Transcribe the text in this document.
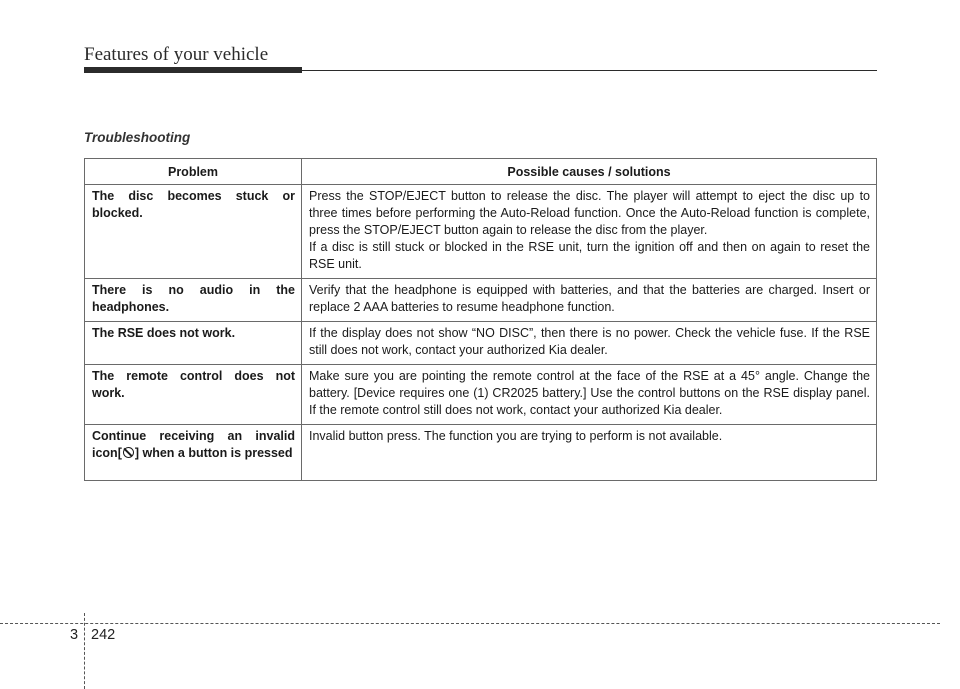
Features of your vehicle
Troubleshooting
Problem	Possible causes / solutions
The disc becomes stuck or blocked.	Press the STOP/EJECT button to release the disc. The player will attempt to eject the disc up to three times before performing the Auto-Reload function. Once the Auto-Reload function is complete, press the STOP/EJECT button again to release the disc from the player.
If a disc is still stuck or blocked in the RSE unit, turn the ignition off and then on again to reset the RSE unit.

There is no audio in the headphones.	Verify that the headphone is equipped with batteries, and that the batteries are charged. Insert or replace 2 AAA batteries to resume headphone function.

The RSE does not work.	If the display does not show “NO DISC”, then there is no power. Check the vehicle fuse. If the RSE still does not work, contact your authorized Kia dealer.

The remote control does not work.	Make sure you are pointing the remote control at the face of the RSE at a 45° angle. Change the battery. [Device requires one (1) CR2025 battery.] Use the control buttons on the RSE display panel. If the remote control still does not work, contact your authorized Kia dealer.

Continue receiving an invalid icon[ ] when a button is pressed	Invalid button press. The function you are trying to perform is not available.
3 242
